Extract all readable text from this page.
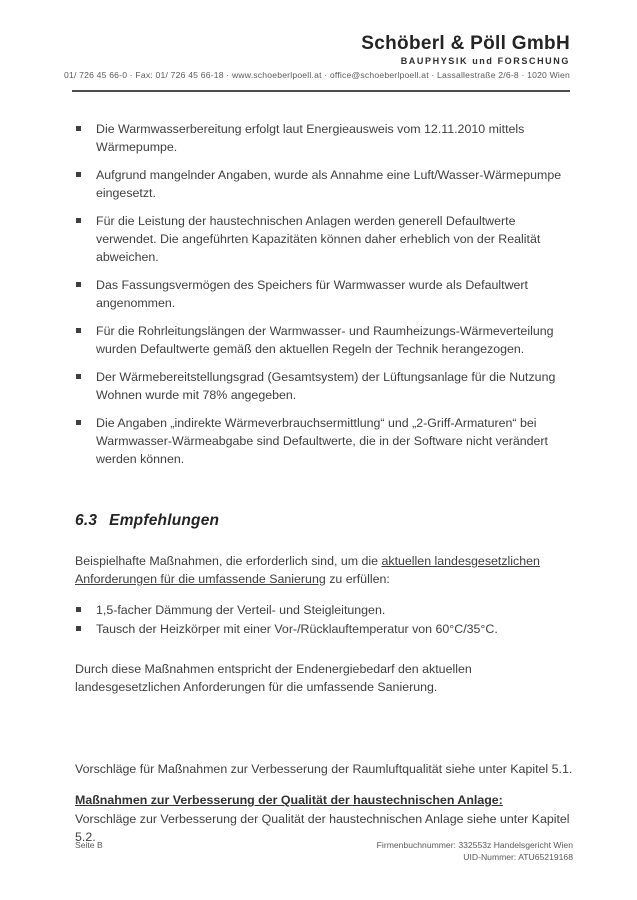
Schöberl & Pöll GmbH
BAUPHYSIK und FORSCHUNG
01/ 726 45 66-0 · Fax: 01/ 726 45 66-18 · www.schoeberlpoell.at · office@schoeberlpoell.at · Lassallestraße 2/6-8 · 1020 Wien
Die Warmwasserbereitung erfolgt laut Energieausweis vom 12.11.2010 mittels Wärmepumpe.
Aufgrund mangelnder Angaben, wurde als Annahme eine Luft/Wasser-Wärmepumpe eingesetzt.
Für die Leistung der haustechnischen Anlagen werden generell Defaultwerte verwendet. Die angeführten Kapazitäten können daher erheblich von der Realität abweichen.
Das Fassungsvermögen des Speichers für Warmwasser wurde als Defaultwert angenommen.
Für die Rohrleitungslängen der Warmwasser- und Raumheizungs-Wärmeverteilung wurden Defaultwerte gemäß den aktuellen Regeln der Technik herangezogen.
Der Wärmebereitstellungsgrad (Gesamtsystem) der Lüftungsanlage für die Nutzung Wohnen wurde mit 78% angegeben.
Die Angaben „indirekte Wärmeverbrauchsermittlung“ und „2-Griff-Armaturen“ bei Warmwasser-Wärmeabgabe sind Defaultwerte, die in der Software nicht verändert werden können.
6.3 Empfehlungen

Beispielhafte Maßnahmen, die erforderlich sind, um die aktuellen landesgesetzlichen Anforderungen für die umfassende Sanierung zu erfüllen:

1,5-facher Dämmung der Verteil- und Steigleitungen.
Tausch der Heizkörper mit einer Vor-/Rücklauftemperatur von 60°C/35°C.

Durch diese Maßnahmen entspricht der Endenergiebedarf den aktuellen landesgesetzlichen Anforderungen für die umfassende Sanierung.

Vorschläge für Maßnahmen zur Verbesserung der Raumluftqualität siehe unter Kapitel 5.1.

Maßnahmen zur Verbesserung der Qualität der haustechnischen Anlage:

Vorschläge zur Verbesserung der Qualität der haustechnischen Anlage siehe unter Kapitel 5.2.

Seite B	Firmenbuchnummer: 332553z Handelsgericht Wien
UID-Nummer: ATU65219168
